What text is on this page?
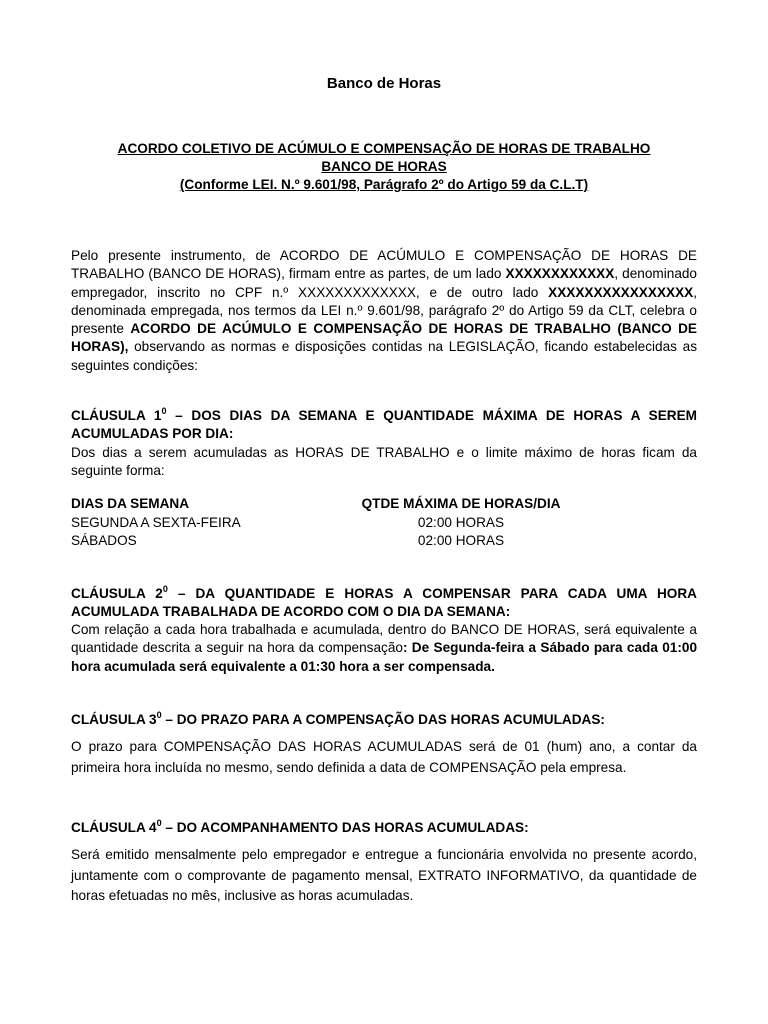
Banco de Horas
ACORDO COLETIVO DE ACÚMULO E COMPENSAÇÃO DE HORAS DE TRABALHO
BANCO DE HORAS
(Conforme LEI. N.º 9.601/98, Parágrafo 2º do Artigo 59 da C.L.T)
Pelo presente instrumento, de ACORDO DE ACÚMULO E COMPENSAÇÃO DE HORAS DE TRABALHO (BANCO DE HORAS), firmam entre as partes, de um lado XXXXXXXXXXXX, denominado empregador, inscrito no CPF n.º XXXXXXXXXXXXX, e de outro lado XXXXXXXXXXXXXXXX, denominada empregada, nos termos da LEI n.º 9.601/98, parágrafo 2º do Artigo 59 da CLT, celebra o presente ACORDO DE ACÚMULO E COMPENSAÇÃO DE HORAS DE TRABALHO (BANCO DE HORAS), observando as normas e disposições contidas na LEGISLAÇÃO, ficando estabelecidas as seguintes condições:
CLÁUSULA $1^0$ – DOS DIAS DA SEMANA E QUANTIDADE MÁXIMA DE HORAS A SEREM ACUMULADAS POR DIA:
Dos dias a serem acumuladas as HORAS DE TRABALHO e o limite máximo de horas ficam da seguinte forma:
DIAS DA SEMANA	QTDE MÁXIMA DE HORAS/DIA
SEGUNDA A SEXTA-FEIRA	02:00 HORAS
SÁBADOS	02:00 HORAS
CLÁUSULA $2^0$ – DA QUANTIDADE E HORAS A COMPENSAR PARA CADA UMA HORA ACUMULADA TRABALHADA DE ACORDO COM O DIA DA SEMANA:
Com relação a cada hora trabalhada e acumulada, dentro do BANCO DE HORAS, será equivalente a quantidade descrita a seguir na hora da compensação: De Segunda-feira a Sábado para cada 01:00 hora acumulada será equivalente a 01:30 hora a ser compensada.
CLÁUSULA $3^0$ – DO PRAZO PARA A COMPENSAÇÃO DAS HORAS ACUMULADAS:
O prazo para COMPENSAÇÃO DAS HORAS ACUMULADAS será de 01 (hum) ano, a contar da primeira hora incluída no mesmo, sendo definida a data de COMPENSAÇÃO pela empresa.
CLÁUSULA $4^0$ – DO ACOMPANHAMENTO DAS HORAS ACUMULADAS:
Será emitido mensalmente pelo empregador e entregue a funcionária envolvida no presente acordo, juntamente com o comprovante de pagamento mensal, EXTRATO INFORMATIVO, da quantidade de horas efetuadas no mês, inclusive as horas acumuladas.
